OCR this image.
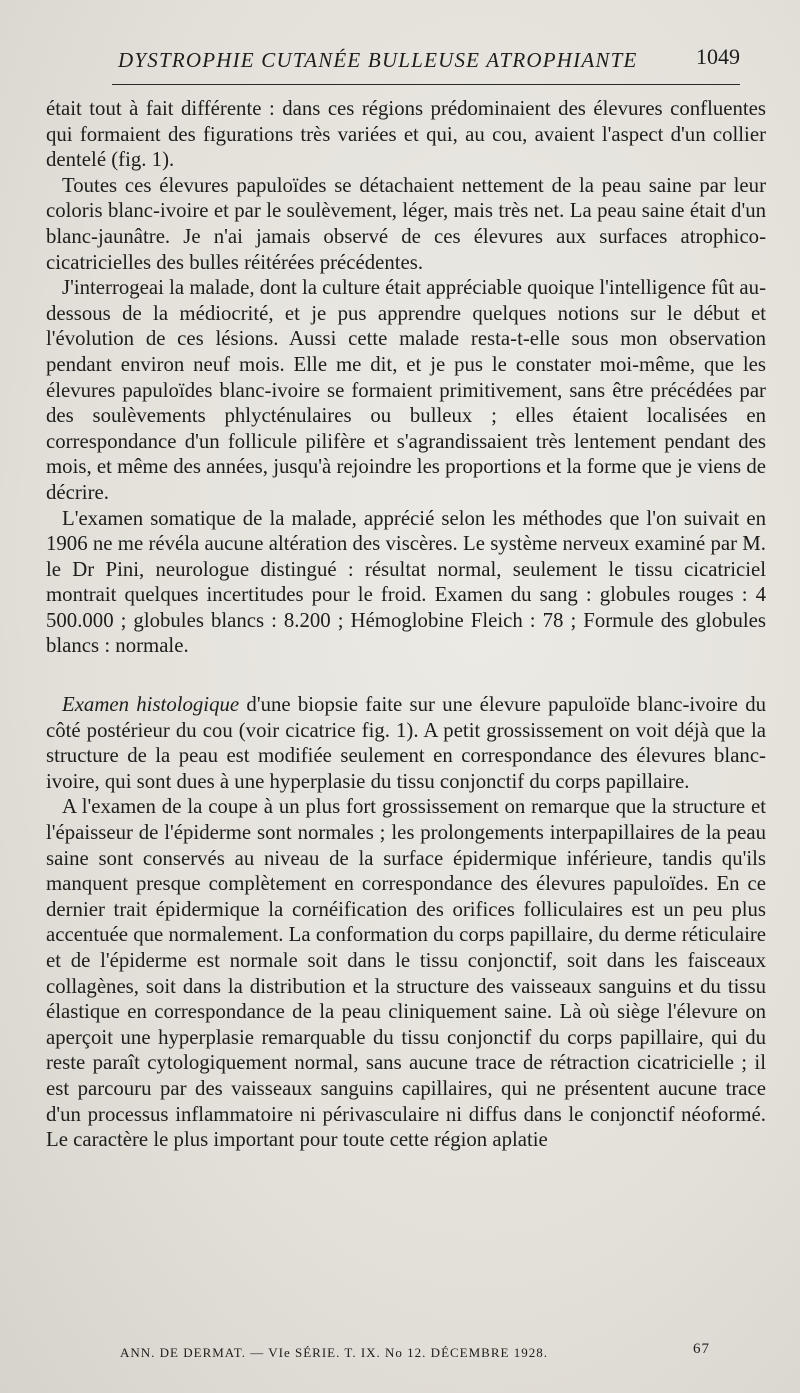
DYSTROPHIE CUTANÉE BULLEUSE ATROPHIANTE	1049

était tout à fait différente : dans ces régions prédominaient des élevures confluentes qui formaient des figurations très variées et qui, au cou, avaient l'aspect d'un collier dentelé (fig. 1).

Toutes ces élevures papuloïdes se détachaient nettement de la peau saine par leur coloris blanc-ivoire et par le soulèvement, léger, mais très net. La peau saine était d'un blanc-jaunâtre. Je n'ai jamais observé de ces élevures aux surfaces atrophico-cicatricielles des bulles réitérées précédentes.

J'interrogeai la malade, dont la culture était appréciable quoique l'intelligence fût au-dessous de la médiocrité, et je pus apprendre quelques notions sur le début et l'évolution de ces lésions. Aussi cette malade resta-t-elle sous mon observation pendant environ neuf mois. Elle me dit, et je pus le constater moi-même, que les élevures papuloïdes blanc-ivoire se formaient primitivement, sans être précédées par des soulèvements phlycténulaires ou bulleux ; elles étaient localisées en correspondance d'un follicule pilifère et s'agrandissaient très lentement pendant des mois, et même des années, jusqu'à rejoindre les proportions et la forme que je viens de décrire.

L'examen somatique de la malade, apprécié selon les méthodes que l'on suivait en 1906 ne me révéla aucune altération des viscères. Le système nerveux examiné par M. le Dr Pini, neurologue distingué : résultat normal, seulement le tissu cicatriciel montrait quelques incertitudes pour le froid. Examen du sang : globules rouges : 4 500.000 ; globules blancs : 8.200 ; Hémoglobine Fleich : 78 ; Formule des globules blancs : normale.

Examen histologique d'une biopsie faite sur une élevure papuloïde blanc-ivoire du côté postérieur du cou (voir cicatrice fig. 1). A petit grossissement on voit déjà que la structure de la peau est modifiée seulement en correspondance des élevures blanc-ivoire, qui sont dues à une hyperplasie du tissu conjonctif du corps papillaire.

A l'examen de la coupe à un plus fort grossissement on remarque que la structure et l'épaisseur de l'épiderme sont normales ; les prolongements interpapillaires de la peau saine sont conservés au niveau de la surface épidermique inférieure, tandis qu'ils manquent presque complètement en correspondance des élevures papuloïdes. En ce dernier trait épidermique la cornéification des orifices folliculaires est un peu plus accentuée que normalement. La conformation du corps papillaire, du derme réticulaire et de l'épiderme est normale soit dans le tissu conjonctif, soit dans les faisceaux collagènes, soit dans la distribution et la structure des vaisseaux sanguins et du tissu élastique en correspondance de la peau cliniquement saine. Là où siège l'élevure on aperçoit une hyperplasie remarquable du tissu conjonctif du corps papillaire, qui du reste paraît cytologiquement normal, sans aucune trace de rétraction cicatricielle ; il est parcouru par des vaisseaux sanguins capillaires, qui ne présentent aucune trace d'un processus inflammatoire ni périvasculaire ni diffus dans le conjonctif néoformé. Le caractère le plus important pour toute cette région aplatie

ANN. DE DERMAT. — VIe SÉRIE. T. IX. No 12. DÉCEMBRE 1928.	67
